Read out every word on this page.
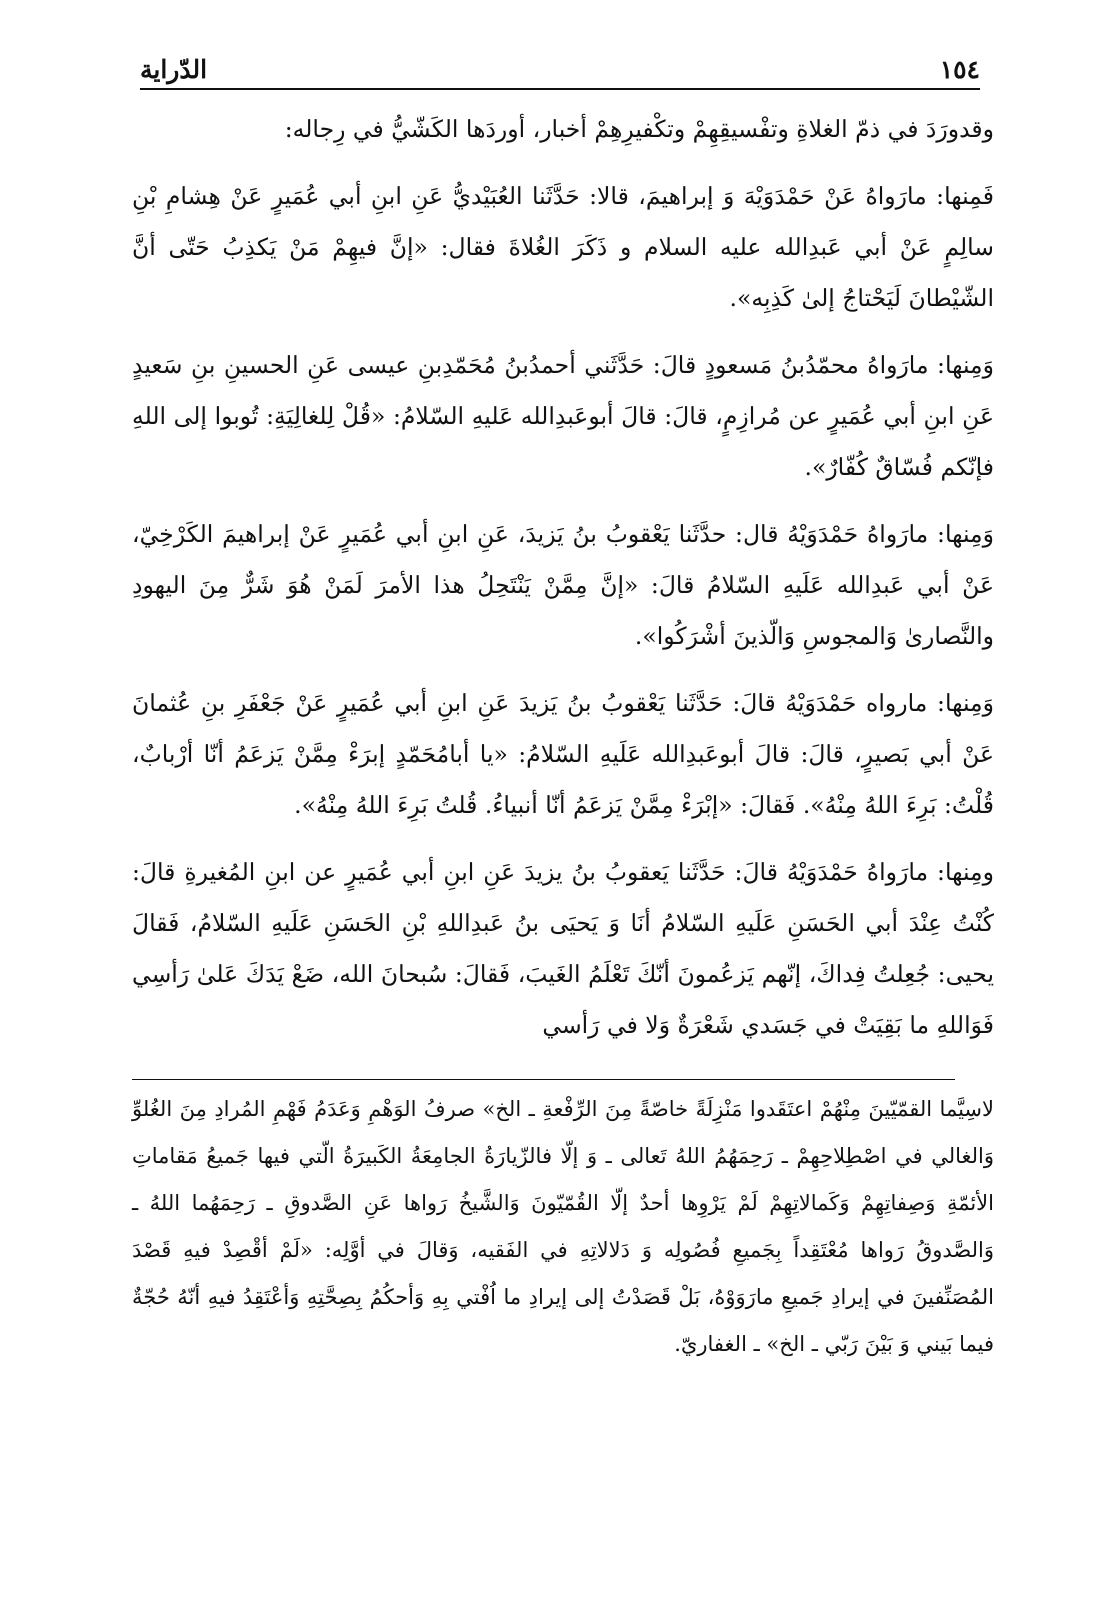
الدّراية	١٥٤

وقدورَدَ في ذمّ الغلاةِ وتفْسيقِهِمْ وتكْفيرِهِمْ أخبار، أوردَها الكَشّيُّ في رِجاله:

فَمِنها: مارَواهُ عَنْ حَمْدَوَيْهَ وَ إبراهيمَ، قالا: حَدَّثَنا العُبَيْديُّ عَنِ ابنِ أبي عُمَيرٍ عَنْ هِشامِ بْنِ سالِمٍ عَنْ أبي عَبدِالله عليه السلام و ذَكَرَ الغُلاةَ فقال: «إنَّ فيهِمْ مَنْ يَكذِبُ حَتّى أنَّ الشّيْطانَ لَيَحْتاجُ إلىٰ كَذِبِه».

وَمِنها: مارَواهُ محمّدُبنُ مَسعودٍ قالَ: حَدَّثَني أحمدُبنُ مُحَمّدِبنِ عيسى عَنِ الحسينِ بنِ سَعيدٍ عَنِ ابنِ أبي عُمَيرٍ عن مُرازِمٍ، قالَ: قالَ أبوعَبدِالله عَليهِ السّلامُ: «قُلْ لِلغالِيَةِ: تُوبوا إلى اللهِ فإنّكم فُسّاقٌ كُفّارٌ».

وَمِنها: مارَواهُ حَمْدَوَيْهُ قال: حدَّثَنا يَعْقوبُ بنُ يَزيدَ، عَنِ ابنِ أبي عُمَيرٍ عَنْ إبراهيمَ الكَرْخِيّ، عَنْ أبي عَبدِالله عَلَيهِ السّلامُ قالَ: «إنَّ مِمَّنْ يَنْتَحِلُ هذا الأمرَ لَمَنْ هُوَ شَرٌّ مِنَ اليهودِ والنَّصارىٰ وَالمجوسِ وَالّذينَ أشْرَكُوا».

وَمِنها: مارواه حَمْدَوَيْهُ قالَ: حَدَّثَنا يَعْقوبُ بنُ يَزيدَ عَنِ ابنِ أبي عُمَيرٍ عَنْ جَعْفَرِ بنِ عُثمانَ عَنْ أبي بَصيرٍ، قالَ: قالَ أبوعَبدِالله عَلَيهِ السّلامُ: «يا أبامُحَمّدٍ إبرَءْ مِمَّنْ يَزعَمُ أنّا أرْبابٌ، قُلْتُ: بَرِءَ اللهُ مِنْهُ». فَقالَ: «إبْرَءْ مِمَّنْ يَزعَمُ أنّا أنبياءُ. قُلتُ بَرِءَ اللهُ مِنْهُ».

ومِنها: مارَواهُ حَمْدَوَيْهُ قالَ: حَدَّثَنا يَعقوبُ بنُ يزيدَ عَنِ ابنِ أبي عُمَيرٍ عن ابنِ المُغيرةِ قالَ: كُنْتُ عِنْدَ أبي الحَسَنِ عَلَيهِ السّلامُ أنَا وَ يَحيَى بنُ عَبدِاللهِ بْنِ الحَسَنِ عَلَيهِ السّلامُ، فَقالَ يحيى: جُعِلتُ فِداكَ، إنّهم يَزعُمونَ أنّكَ تَعْلَمُ الغَيبَ، فَقالَ: سُبحانَ الله، ضَعْ يَدَكَ عَلىٰ رَأسِي فَوَاللهِ ما بَقِيَتْ في جَسَدي شَعْرَةٌ وَلا في رَأسي

لاسِيَّما القمّيّينَ مِنْهُمْ اعتَقَدوا مَنْزِلَةً خاصّةً مِنَ الرِّفْعةِ ـ الخ» صرفُ الوَهْمِ وَعَدَمُ فَهْمِ المُرادِ مِنَ الغُلوِّ وَالغالي في اصْطِلاحِهِمْ ـ رَحِمَهُمُ اللهُ تَعالى ـ وَ إلّا فالزّيارَةُ الجامِعَةُ الكَبيرَةُ الّتي فيها جَميعُ مَقاماتِ الأئمّةِ وَصِفاتِهِمْ وَكَمالاتِهِمْ لَمْ يَرْوِها أحدٌ إلّا القُمّيّونَ وَالشَّيخُ رَواها عَنِ الصَّدوقِ ـ رَحِمَهُما اللهُ ـ وَالصَّدوقُ رَواها مُعْتَقِداً بِجَميعِ فُصُولِه وَ دَلالاتِهِ في الفَقيه، وَقالَ في أوَّلِه: «لَمْ أقْصِدْ فيهِ قَصْدَ المُصَنِّفينَ في إيرادِ جَميعِ مارَوَوْهُ، بَلْ قَصَدْتُ إلى إيرادِ ما اُفْتي بِهِ وَأحكُمُ بِصِحَّتِهِ وَأعْتَقِدُ فيهِ أنّهُ حُجّةٌ فيما بَيني وَ بَيْنَ رَبّي ـ الخ» ـ الغفاريّ.
